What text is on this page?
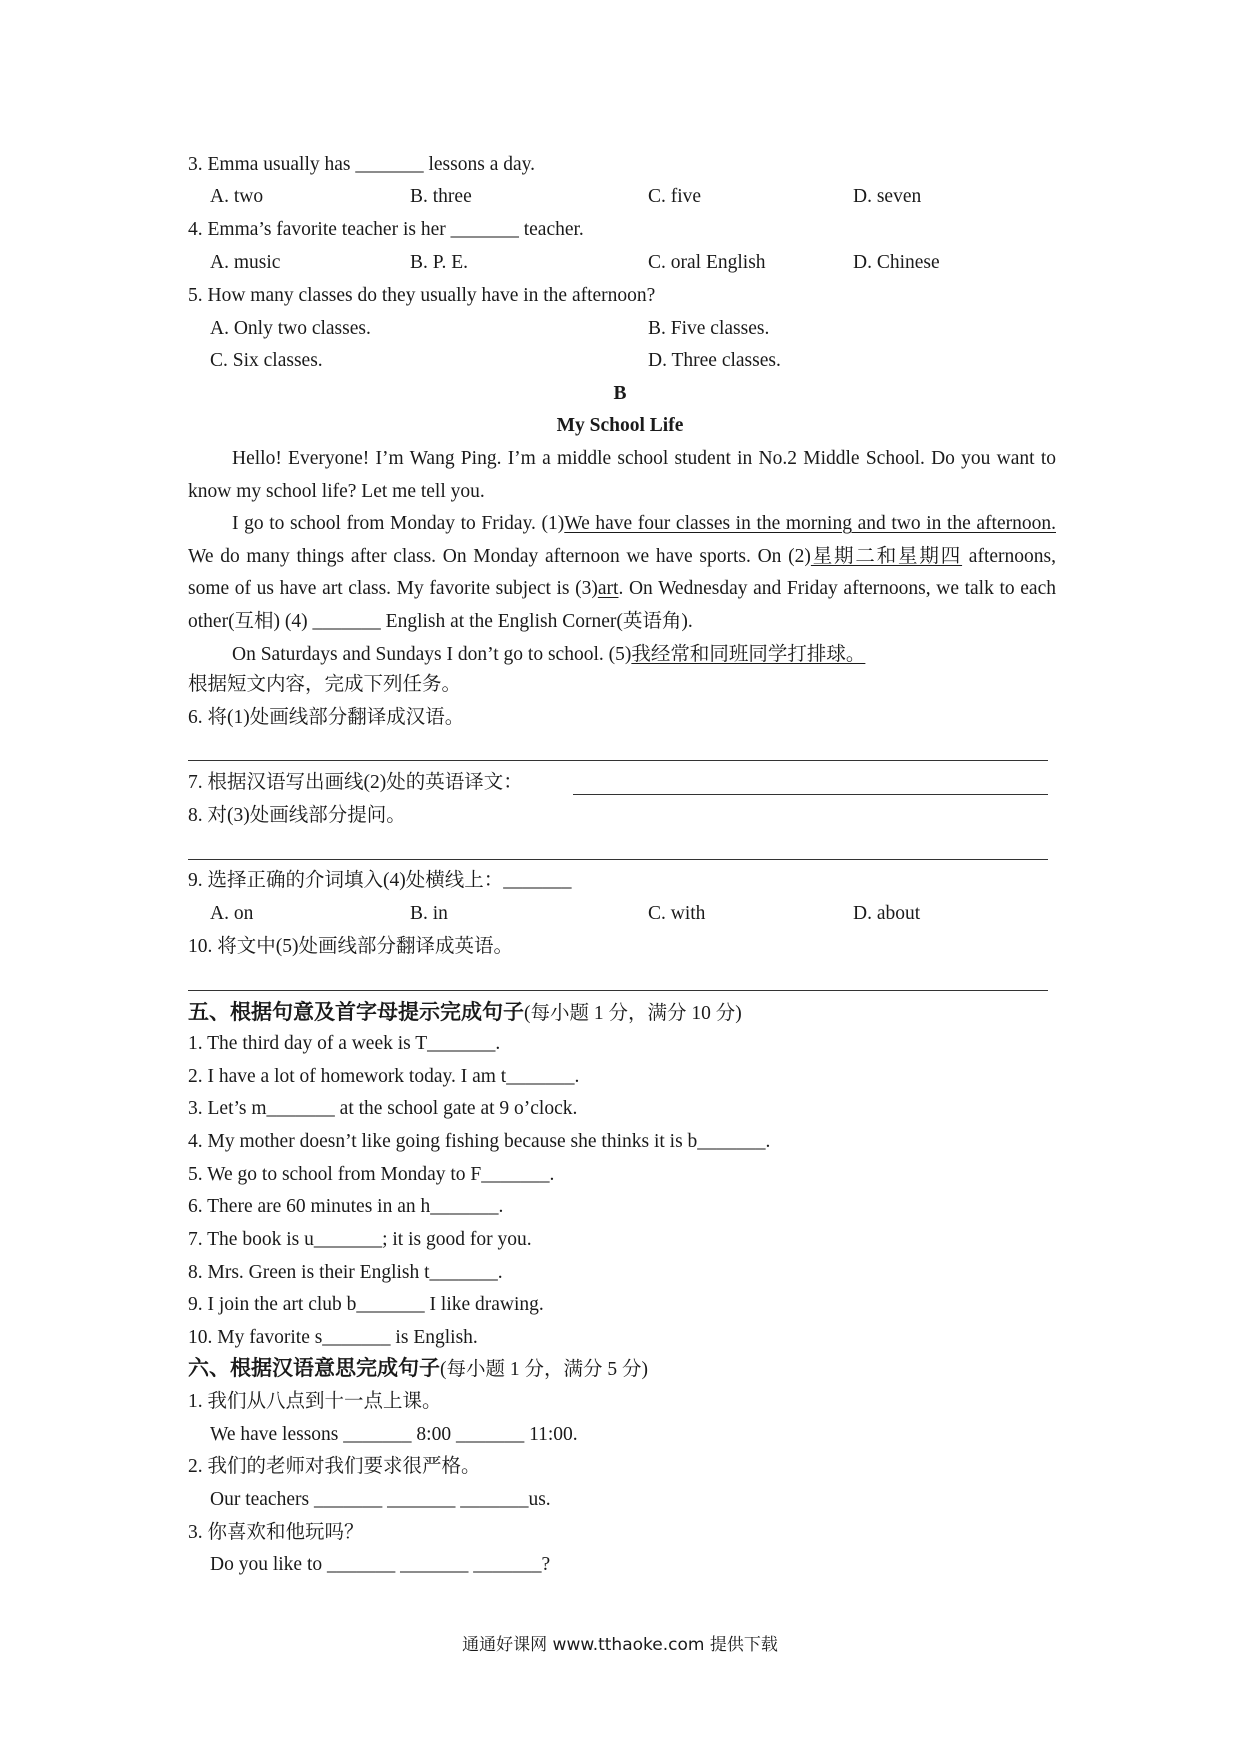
3. Emma usually has _______ lessons a day.
A. two	B. three	C. five	D. seven
4. Emma’s favorite teacher is her _______ teacher.
A. music	B. P. E.	C. oral English	D. Chinese
5. How many classes do they usually have in the afternoon?
A. Only two classes.	B. Five classes.
C. Six classes.	D. Three classes.
B
My School Life

Hello! Everyone! I’m Wang Ping. I’m a middle school student in No.2 Middle School. Do you want to know my school life? Let me tell you.

I go to school from Monday to Friday. (1)We have four classes in the morning and two in the afternoon. We do many things after class. On Monday afternoon we have sports. On (2)星期二和星期四 afternoons, some of us have art class. My favorite subject is (3)art. On Wednesday and Friday afternoons, we talk to each other(互相) (4) _______ English at the English Corner(英语角).

On Saturdays and Sundays I don’t go to school. (5)我经常和同班同学打排球。

根据短文内容，完成下列任务。
6. 将(1)处画线部分翻译成汉语。
7. 根据汉语写出画线(2)处的英语译文：
8. 对(3)处画线部分提问。
9. 选择正确的介词填入(4)处横线上：_______
A. on	B. in	C. with	D. about
10. 将文中(5)处画线部分翻译成英语。
五、根据句意及首字母提示完成句子(每小题 1 分，满分 10 分)
1. The third day of a week is T_______.
2. I have a lot of homework today. I am t_______.
3. Let’s m_______ at the school gate at 9 o’clock.
4. My mother doesn’t like going fishing because she thinks it is b_______.
5. We go to school from Monday to F_______.
6. There are 60 minutes in an h_______.
7. The book is u_______; it is good for you.
8. Mrs. Green is their English t_______.
9. I join the art club b_______ I like drawing.
10. My favorite s_______ is English.
六、根据汉语意思完成句子(每小题 1 分，满分 5 分)
1. 我们从八点到十一点上课。
We have lessons _______ 8:00 _______ 11:00.
2. 我们的老师对我们要求很严格。
Our teachers _______ _______ _______us.
3. 你喜欢和他玩吗？
Do you like to _______ _______ _______?
通通好课网 www.tthaoke.com 提供下载
